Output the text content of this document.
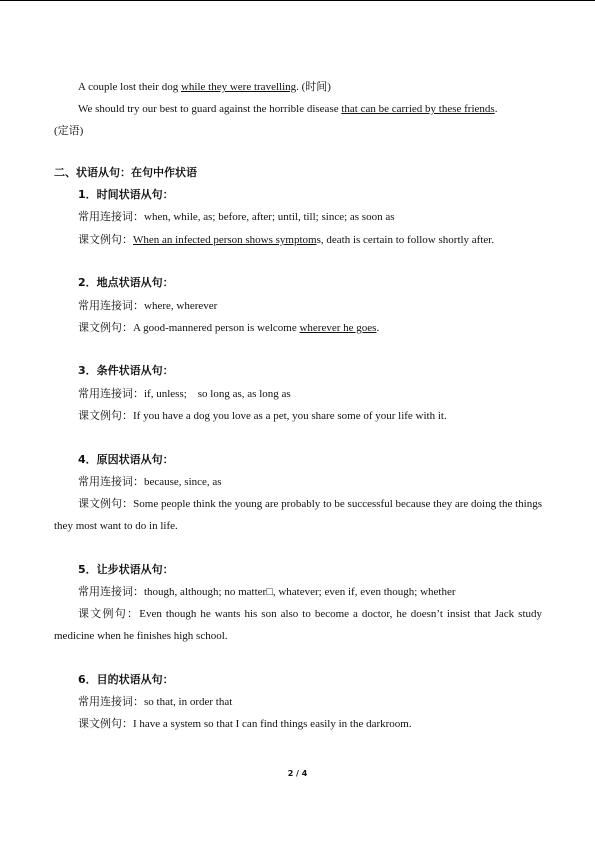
A couple lost their dog while they were travelling. (时间)

We should try our best to guard against the horrible disease that can be carried by these friends.
(定语)

二、状语从句：在句中作状语
1．时间状语从句：
常用连接词：when, while, as; before, after; until, till; since; as soon as
课文例句：When an infected person shows symptoms, death is certain to follow shortly after.
2．地点状语从句：
常用连接词：where, wherever
课文例句：A good-mannered person is welcome wherever he goes.
3．条件状语从句：
常用连接词：if, unless;    so long as, as long as
课文例句：If you have a dog you love as a pet, you share some of your life with it.
4．原因状语从句：
常用连接词：because, since, as

课文例句：Some people think the young are probably to be successful because they are doing the things they most want to do in life.

5．让步状语从句：
常用连接词：though, although; no matter□, whatever; even if, even though; whether

课文例句：Even though he wants his son also to become a doctor, he doesn’t insist that Jack study medicine when he finishes high school.

6．目的状语从句：
常用连接词：so that, in order that
课文例句：I have a system so that I can find things easily in the darkroom.
2 / 4
